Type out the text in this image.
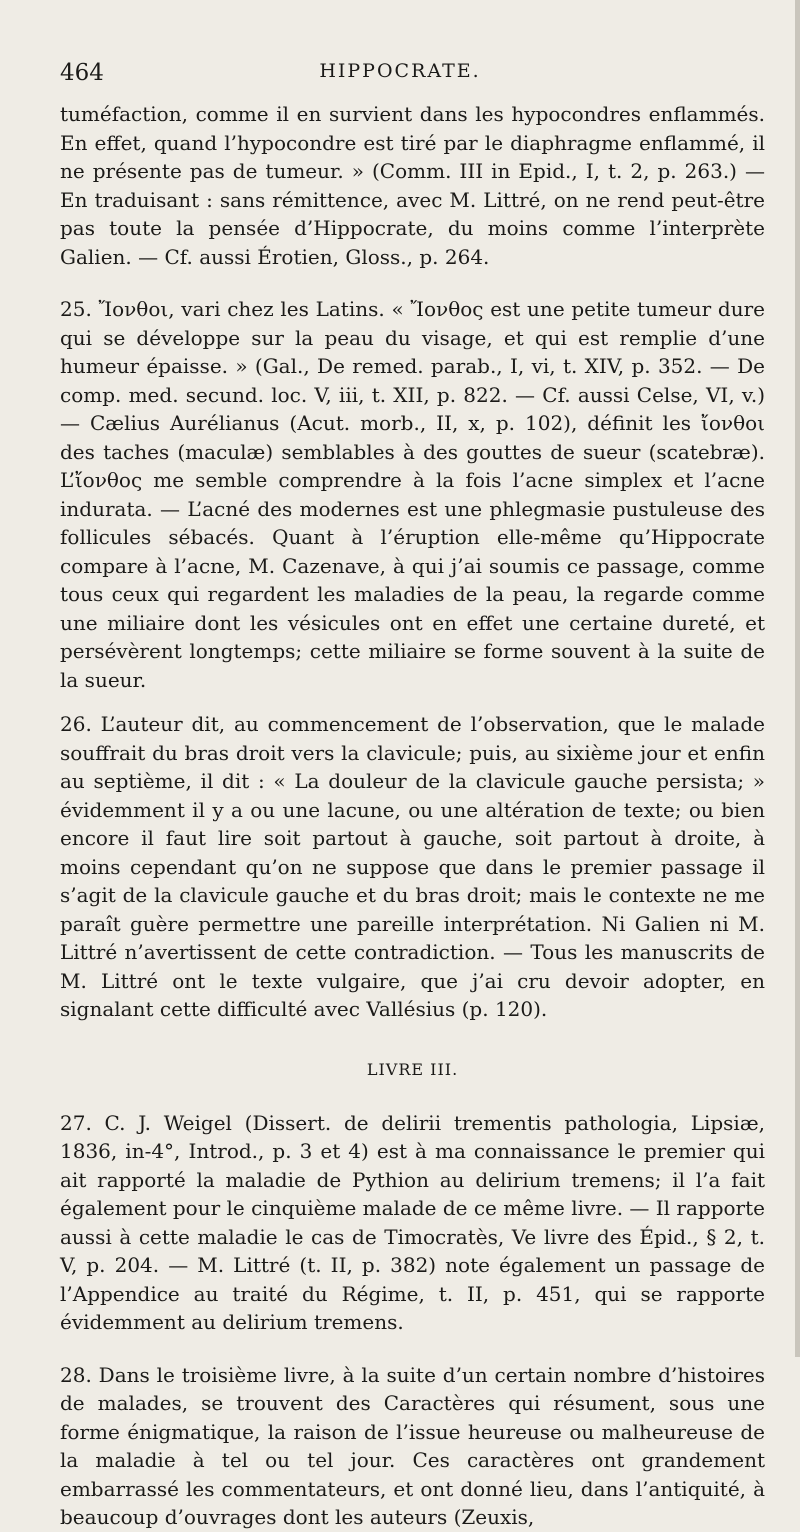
464	HIPPOCRATE.

tuméfaction, comme il en survient dans les hypocondres enflammés. En effet, quand l’hypocondre est tiré par le diaphragme enflammé, il ne présente pas de tumeur. » (Comm. III in Epid., I, t. 2, p. 263.) — En traduisant : sans rémittence, avec M. Littré, on ne rend peut-être pas toute la pensée d’Hippocrate, du moins comme l’interprète Galien. — Cf. aussi Érotien, Gloss., p. 264.

25. Ἴονθοι, vari chez les Latins. « Ἴονθος est une petite tumeur dure qui se développe sur la peau du visage, et qui est remplie d’une humeur épaisse. » (Gal., De remed. parab., I, vi, t. XIV, p. 352. — De comp. med. secund. loc. V, iii, t. XII, p. 822. — Cf. aussi Celse, VI, v.) — Cælius Aurélianus (Acut. morb., II, x, p. 102), définit les ἴονθοι des taches (maculæ) semblables à des gouttes de sueur (scatebræ). L’ἴονθος me semble comprendre à la fois l’acne simplex et l’acne indurata. — L’acné des modernes est une phlegmasie pustuleuse des follicules sébacés. Quant à l’éruption elle-même qu’Hippocrate compare à l’acne, M. Cazenave, à qui j’ai soumis ce passage, comme tous ceux qui regardent les maladies de la peau, la regarde comme une miliaire dont les vésicules ont en effet une certaine dureté, et persévèrent longtemps; cette miliaire se forme souvent à la suite de la sueur.

26. L’auteur dit, au commencement de l’observation, que le malade souffrait du bras droit vers la clavicule; puis, au sixième jour et enfin au septième, il dit : « La douleur de la clavicule gauche persista; » évidemment il y a ou une lacune, ou une altération de texte; ou bien encore il faut lire soit partout à gauche, soit partout à droite, à moins cependant qu’on ne suppose que dans le premier passage il s’agit de la clavicule gauche et du bras droit; mais le contexte ne me paraît guère permettre une pareille interprétation. Ni Galien ni M. Littré n’avertissent de cette contradiction. — Tous les manuscrits de M. Littré ont le texte vulgaire, que j’ai cru devoir adopter, en signalant cette difficulté avec Vallésius (p. 120).

LIVRE III.

27. C. J. Weigel (Dissert. de delirii trementis pathologia, Lipsiæ, 1836, in-4°, Introd., p. 3 et 4) est à ma connaissance le premier qui ait rapporté la maladie de Pythion au delirium tremens; il l’a fait également pour le cinquième malade de ce même livre. — Il rapporte aussi à cette maladie le cas de Timocratès, Ve livre des Épid., § 2, t. V, p. 204. — M. Littré (t. II, p. 382) note également un passage de l’Appendice au traité du Régime, t. II, p. 451, qui se rapporte évidemment au delirium tremens.

28. Dans le troisième livre, à la suite d’un certain nombre d’histoires de malades, se trouvent des Caractères qui résument, sous une forme énigmatique, la raison de l’issue heureuse ou malheureuse de la maladie à tel ou tel jour. Ces caractères ont grandement embarrassé les commentateurs, et ont donné lieu, dans l’antiquité, à beaucoup d’ouvrages dont les auteurs (Zeuxis,
